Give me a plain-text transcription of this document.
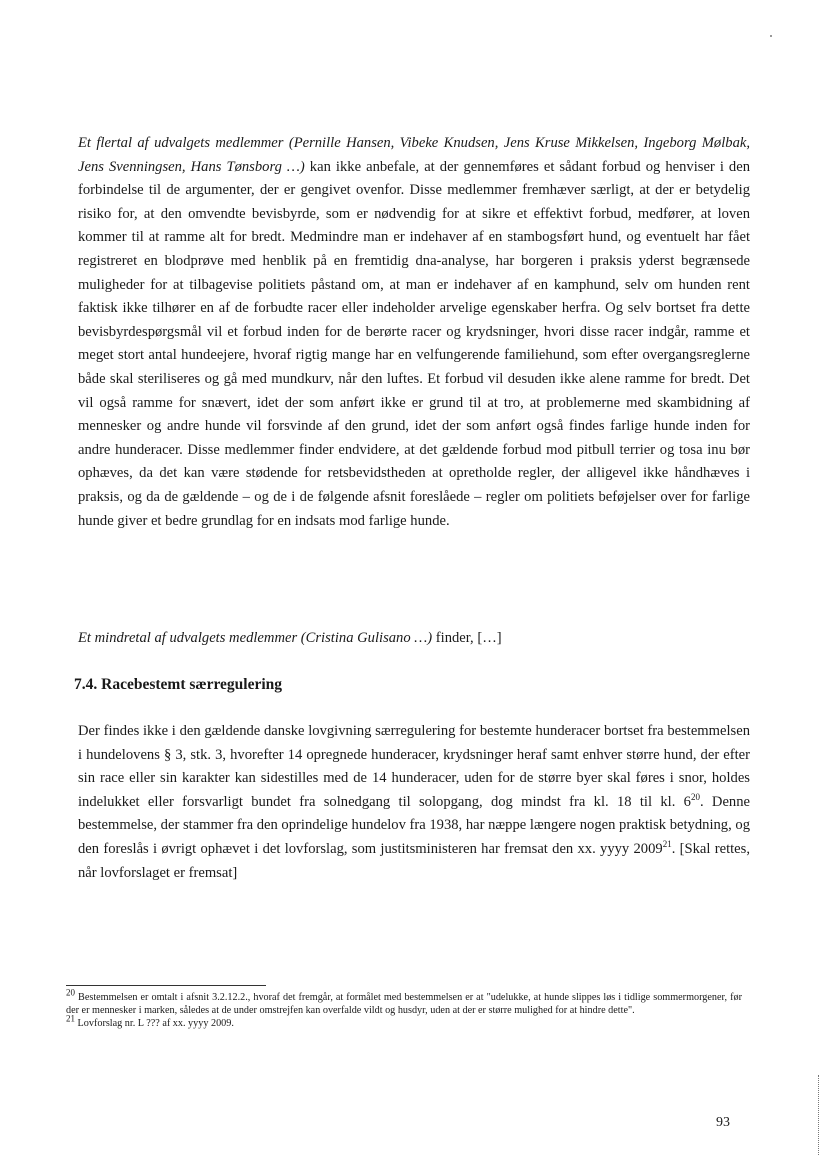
Et flertal af udvalgets medlemmer (Pernille Hansen, Vibeke Knudsen, Jens Kruse Mikkelsen, Ingeborg Mølbak, Jens Svenningsen, Hans Tønsborg …) kan ikke anbefale, at der gennemføres et sådant forbud og henviser i den forbindelse til de argumenter, der er gengivet ovenfor. Disse medlemmer fremhæver særligt, at der er betydelig risiko for, at den omvendte bevisbyrde, som er nødvendig for at sikre et effektivt forbud, medfører, at loven kommer til at ramme alt for bredt. Medmindre man er indehaver af en stambogsført hund, og eventuelt har fået registreret en blodprøve med henblik på en fremtidig dna-analyse, har borgeren i praksis yderst begrænsede muligheder for at tilbagevise politiets påstand om, at man er indehaver af en kamphund, selv om hunden rent faktisk ikke tilhører en af de forbudte racer eller indeholder arvelige egenskaber herfra. Og selv bortset fra dette bevisbyrdespørgsmål vil et forbud inden for de berørte racer og krydsninger, hvori disse racer indgår, ramme et meget stort antal hundeejere, hvoraf rigtig mange har en velfungerende familiehund, som efter overgangsreglerne både skal steriliseres og gå med mundkurv, når den luftes. Et forbud vil desuden ikke alene ramme for bredt. Det vil også ramme for snævert, idet der som anført ikke er grund til at tro, at problemerne med skambidning af mennesker og andre hunde vil forsvinde af den grund, idet der som anført også findes farlige hunde inden for andre hunderacer. Disse medlemmer finder endvidere, at det gældende forbud mod pitbull terrier og tosa inu bør ophæves, da det kan være stødende for retsbevidstheden at opretholde regler, der alligevel ikke håndhæves i praksis, og da de gældende – og de i de følgende afsnit foreslåede – regler om politiets beføjelser over for farlige hunde giver et bedre grundlag for en indsats mod farlige hunde.

Et mindretal af udvalgets medlemmer (Cristina Gulisano …) finder, […]

7.4. Racebestemt særregulering

Der findes ikke i den gældende danske lovgivning særregulering for bestemte hunderacer bortset fra bestemmelsen i hundelovens § 3, stk. 3, hvorefter 14 opregnede hunderacer, krydsninger heraf samt enhver større hund, der efter sin race eller sin karakter kan sidestilles med de 14 hunderacer, uden for de større byer skal føres i snor, holdes indelukket eller forsvarligt bundet fra solnedgang til solopgang, dog mindst fra kl. 18 til kl. $6^{20}$. Denne bestemmelse, der stammer fra den oprindelige hundelov fra 1938, har næppe længere nogen praktisk betydning, og den foreslås i øvrigt ophævet i det lovforslag, som justitsministeren har fremsat den xx. yyyy 2009$^{21}$. [Skal rettes, når lovforslaget er fremsat]

$^{20}$ Bestemmelsen er omtalt i afsnit 3.2.12.2., hvoraf det fremgår, at formålet med bestemmelsen er at "udelukke, at hunde slippes løs i tidlige sommermorgener, før der er mennesker i marken, således at de under omstrejfen kan overfalde vildt og husdyr, uden at der er større mulighed for at hindre dette".

$^{21}$ Lovforslag nr. L ??? af xx. yyyy 2009.

93
